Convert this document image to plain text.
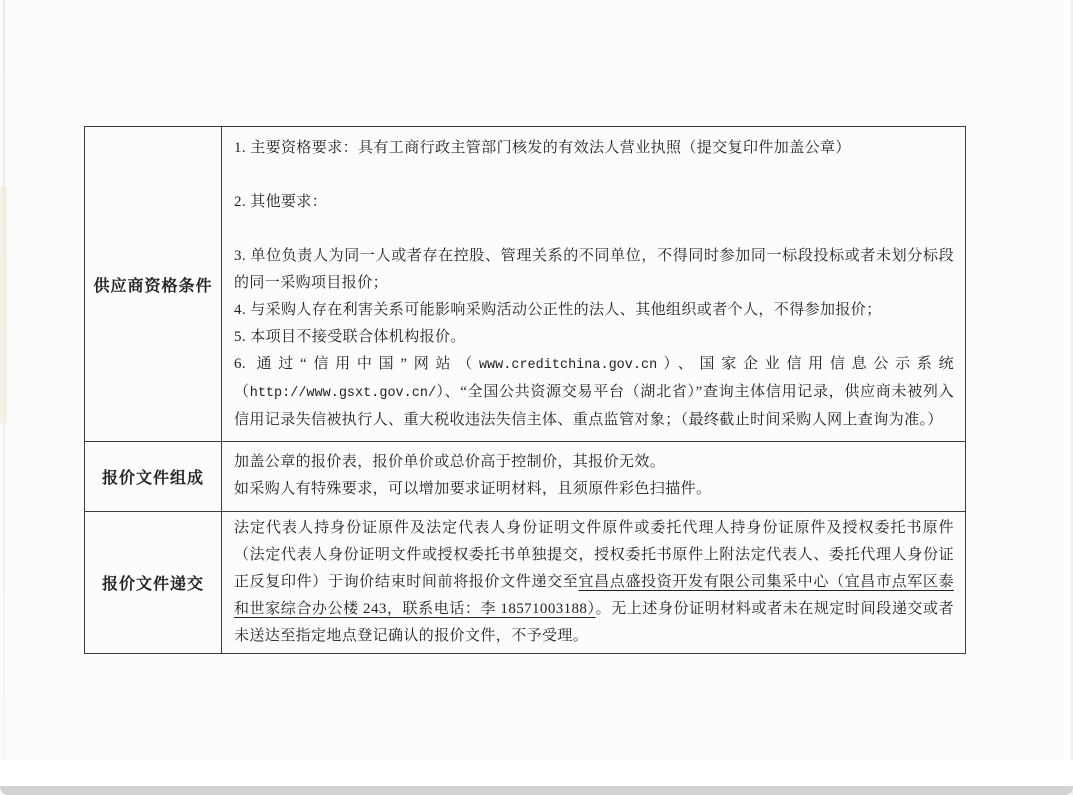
供应商资格条件

1. 主要资格要求：具有工商行政主管部门核发的有效法人营业执照（提交复印件加盖公章）

2. 其他要求：

3. 单位负责人为同一人或者存在控股、管理关系的不同单位，不得同时参加同一标段投标或者未划分标段的同一采购项目报价；

4. 与采购人存在利害关系可能影响采购活动公正性的法人、其他组织或者个人，不得参加报价；

5. 本项目不接受联合体机构报价。

6. 通过“信用中国”网站（www.creditchina.gov.cn）、国家企业信用信息公示系统（http://www.gsxt.gov.cn/）、“全国公共资源交易平台（湖北省）”查询主体信用记录，供应商未被列入信用记录失信被执行人、重大税收违法失信主体、重点监管对象；（最终截止时间采购人网上查询为准。）

报价文件组成

加盖公章的报价表，报价单价或总价高于控制价，其报价无效。

如采购人有特殊要求，可以增加要求证明材料，且须原件彩色扫描件。

报价文件递交

法定代表人持身份证原件及法定代表人身份证明文件原件或委托代理人持身份证原件及授权委托书原件（法定代表人身份证明文件或授权委托书单独提交，授权委托书原件上附法定代表人、委托代理人身份证正反复印件）于询价结束时间前将报价文件递交至宜昌点盛投资开发有限公司集采中心（宜昌市点军区泰和世家综合办公楼 243，联系电话：李 18571003188）。无上述身份证明材料或者未在规定时间段递交或者未送达至指定地点登记确认的报价文件，不予受理。
